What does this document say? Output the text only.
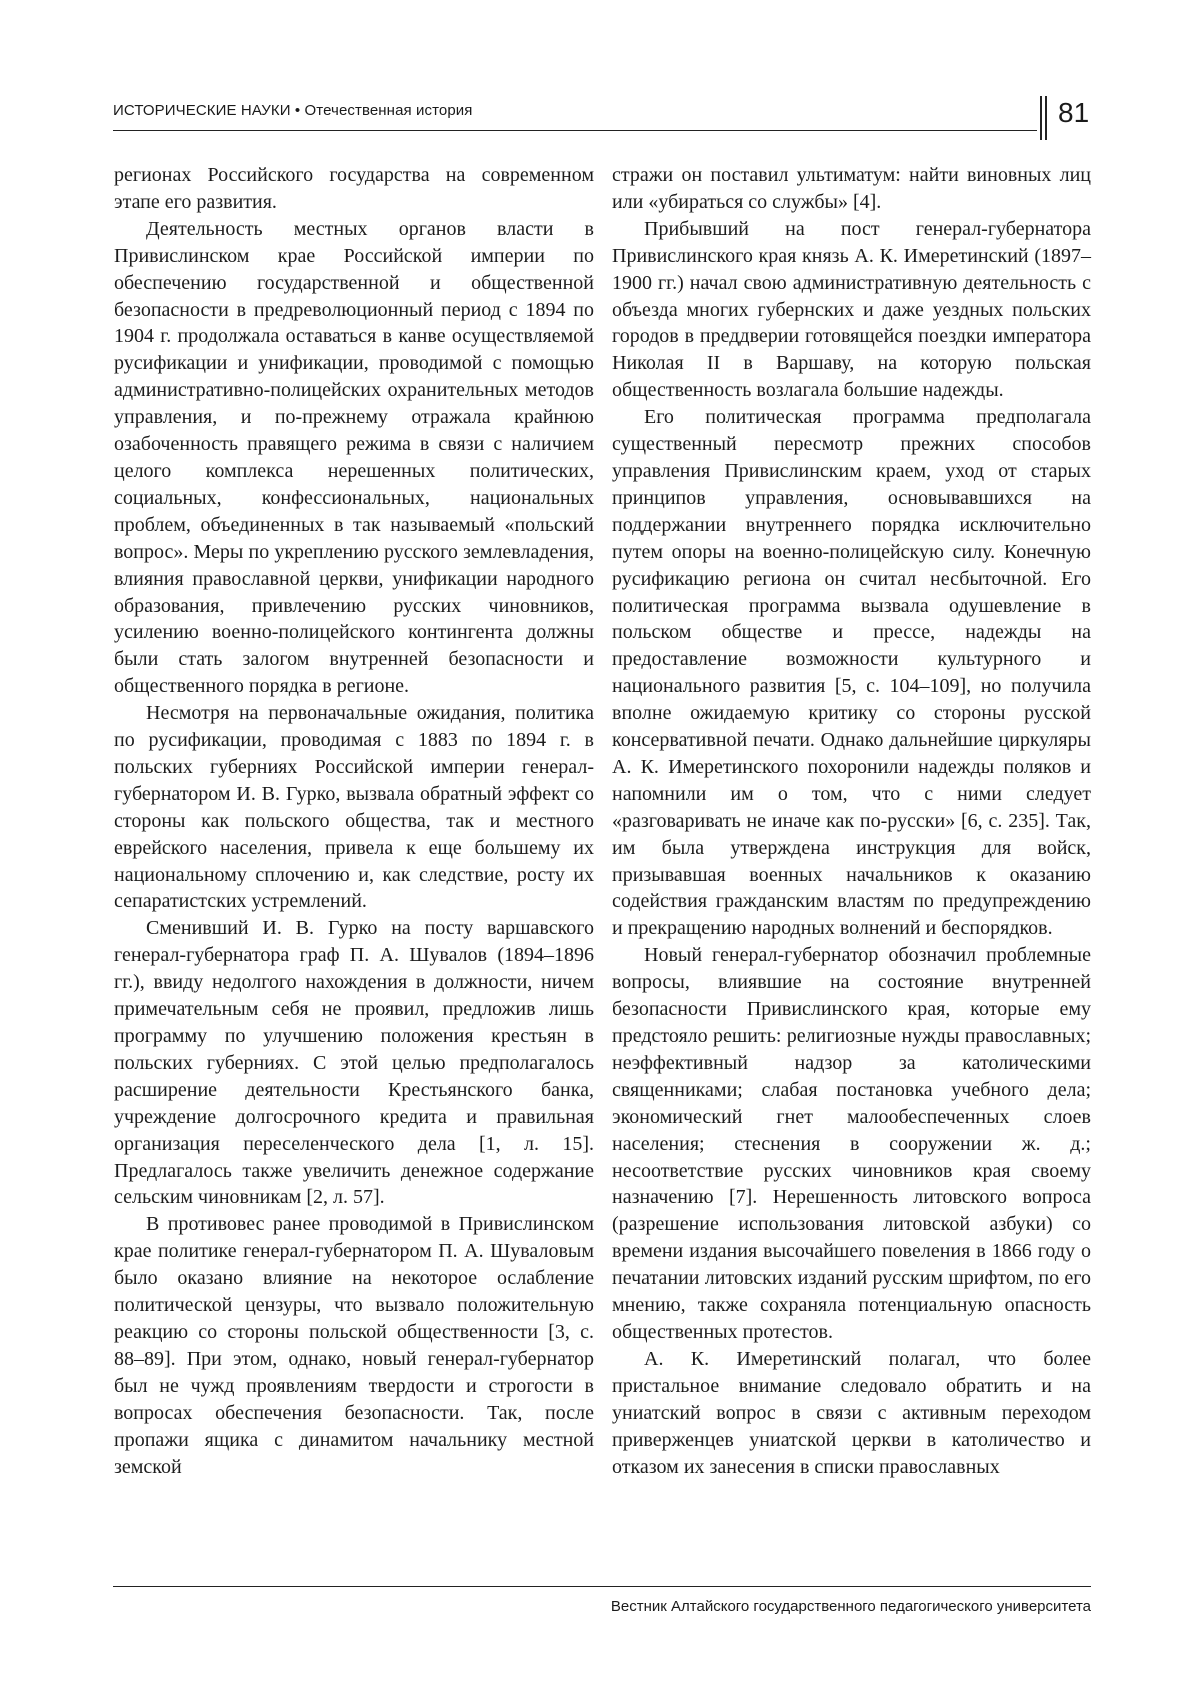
ИСТОРИЧЕСКИЕ НАУКИ • Отечественная история	81

регионах Российского государства на современном этапе его развития.

Деятельность местных органов власти в Привислинском крае Российской империи по обеспечению государственной и общественной безопасности в предреволюционный период с 1894 по 1904 г. продолжала оставаться в канве осуществляемой русификации и унификации, проводимой с помощью административно-полицейских охранительных методов управления, и по-прежнему отражала крайнюю озабоченность правящего режима в связи с наличием целого комплекса нерешенных политических, социальных, конфессиональных, национальных проблем, объединенных в так называемый «польский вопрос». Меры по укреплению русского землевладения, влияния православной церкви, унификации народного образования, привлечению русских чиновников, усилению военно-полицейского контингента должны были стать залогом внутренней безопасности и общественного порядка в регионе.

Несмотря на первоначальные ожидания, политика по русификации, проводимая с 1883 по 1894 г. в польских губерниях Российской империи генерал-губернатором И. В. Гурко, вызвала обратный эффект со стороны как польского общества, так и местного еврейского населения, привела к еще большему их национальному сплочению и, как следствие, росту их сепаратистских устремлений.

Сменивший И. В. Гурко на посту варшавского генерал-губернатора граф П. А. Шувалов (1894–1896 гг.), ввиду недолгого нахождения в должности, ничем примечательным себя не проявил, предложив лишь программу по улучшению положения крестьян в польских губерниях. С этой целью предполагалось расширение деятельности Крестьянского банка, учреждение долгосрочного кредита и правильная организация переселенческого дела [1, л. 15]. Предлагалось также увеличить денежное содержание сельским чиновникам [2, л. 57].

В противовес ранее проводимой в Привислинском крае политике генерал-губернатором П. А. Шуваловым было оказано влияние на некоторое ослабление политической цензуры, что вызвало положительную реакцию со стороны польской общественности [3, с. 88–89]. При этом, однако, новый генерал-губернатор был не чужд проявлениям твердости и строгости в вопросах обеспечения безопасности. Так, после пропажи ящика с динамитом начальнику местной земской

стражи он поставил ультиматум: найти виновных лиц или «убираться со службы» [4].

Прибывший на пост генерал-губернатора Привислинского края князь А. К. Имеретинский (1897–1900 гг.) начал свою административную деятельность с объезда многих губернских и даже уездных польских городов в преддверии готовящейся поездки императора Николая II в Варшаву, на которую польская общественность возлагала большие надежды.

Его политическая программа предполагала существенный пересмотр прежних способов управления Привислинским краем, уход от старых принципов управления, основывавшихся на поддержании внутреннего порядка исключительно путем опоры на военно-полицейскую силу. Конечную русификацию региона он считал несбыточной. Его политическая программа вызвала одушевление в польском обществе и прессе, надежды на предоставление возможности культурного и национального развития [5, с. 104–109], но получила вполне ожидаемую критику со стороны русской консервативной печати. Однако дальнейшие циркуляры А. К. Имеретинского похоронили надежды поляков и напомнили им о том, что с ними следует «разговаривать не иначе как по-русски» [6, с. 235]. Так, им была утверждена инструкция для войск, призывавшая военных начальников к оказанию содействия гражданским властям по предупреждению и прекращению народных волнений и беспорядков.

Новый генерал-губернатор обозначил проблемные вопросы, влиявшие на состояние внутренней безопасности Привислинского края, которые ему предстояло решить: религиозные нужды православных; неэффективный надзор за католическими священниками; слабая постановка учебного дела; экономический гнет малообеспеченных слоев населения; стеснения в сооружении ж. д.; несоответствие русских чиновников края своему назначению [7]. Нерешенность литовского вопроса (разрешение использования литовской азбуки) со времени издания высочайшего повеления в 1866 году о печатании литовских изданий русским шрифтом, по его мнению, также сохраняла потенциальную опасность общественных протестов.

А. К. Имеретинский полагал, что более пристальное внимание следовало обратить и на униатский вопрос в связи с активным переходом приверженцев униатской церкви в католичество и отказом их занесения в списки православных

Вестник Алтайского государственного педагогического университета
